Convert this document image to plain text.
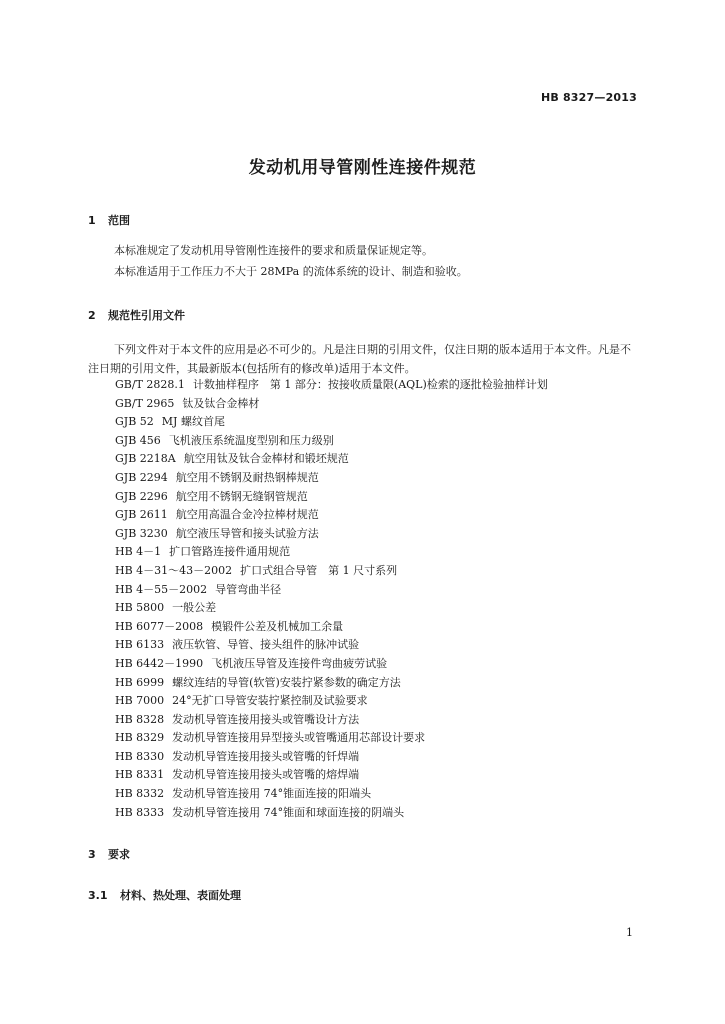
HB 8327—2013
发动机用导管刚性连接件规范
1 范围

本标准规定了发动机用导管刚性连接件的要求和质量保证规定等。

本标准适用于工作压力不大于 28MPa 的流体系统的设计、制造和验收。

2 规范性引用文件

下列文件对于本文件的应用是必不可少的。凡是注日期的引用文件，仅注日期的版本适用于本文件。凡是不注日期的引用文件，其最新版本(包括所有的修改单)适用于本文件。

GB/T 2828.1 计数抽样程序　第 1 部分：按接收质量限(AQL)检索的逐批检验抽样计划
GB/T 2965 钛及钛合金棒材
GJB 52 MJ 螺纹首尾
GJB 456 飞机液压系统温度型别和压力级别
GJB 2218A 航空用钛及钛合金棒材和锻坯规范
GJB 2294 航空用不锈钢及耐热钢棒规范
GJB 2296 航空用不锈钢无缝钢管规范
GJB 2611 航空用高温合金冷拉棒材规范
GJB 3230 航空液压导管和接头试验方法
HB 4－1 扩口管路连接件通用规范
HB 4－31～43－2002 扩口式组合导管　第 1 尺寸系列
HB 4－55－2002 导管弯曲半径
HB 5800 一般公差
HB 6077－2008 模锻件公差及机械加工余量
HB 6133 液压软管、导管、接头组件的脉冲试验
HB 6442－1990 飞机液压导管及连接件弯曲疲劳试验
HB 6999 螺纹连结的导管(软管)安装拧紧参数的确定方法
HB 7000 24°无扩口导管安装拧紧控制及试验要求
HB 8328 发动机导管连接用接头或管嘴设计方法
HB 8329 发动机导管连接用异型接头或管嘴通用芯部设计要求
HB 8330 发动机导管连接用接头或管嘴的钎焊端
HB 8331 发动机导管连接用接头或管嘴的熔焊端
HB 8332 发动机导管连接用 74°锥面连接的阳端头
HB 8333 发动机导管连接用 74°锥面和球面连接的阴端头
3 要求
3.1 材料、热处理、表面处理
1
